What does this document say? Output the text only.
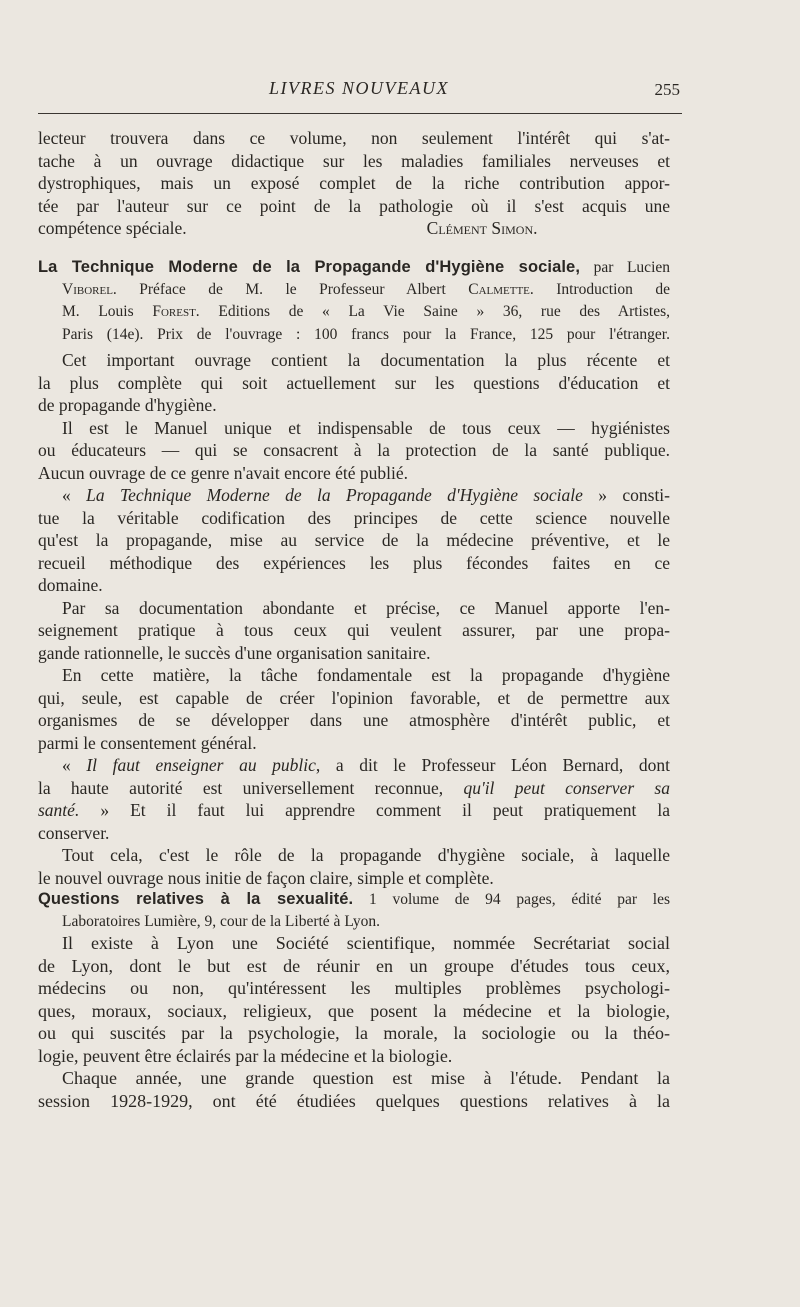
LIVRES NOUVEAUX	255
lecteur trouvera dans ce volume, non seulement l'intérêt qui s'at-
tache à un ouvrage didactique sur les maladies familiales nerveuses et
dystrophiques, mais un exposé complet de la riche contribution appor-
tée par l'auteur sur ce point de la pathologie où il s'est acquis une
compétence spéciale.	Clément Simon.
La Technique Moderne de la Propagande d'Hygiène sociale, par Lucien
Viborel. Préface de M. le Professeur Albert Calmette. Introduction de
M. Louis Forest. Editions de « La Vie Saine » 36, rue des Artistes,
Paris (14e). Prix de l'ouvrage : 100 francs pour la France, 125 pour l'étranger.
Cet important ouvrage contient la documentation la plus récente et
la plus complète qui soit actuellement sur les questions d'éducation et
de propagande d'hygiène.
Il est le Manuel unique et indispensable de tous ceux — hygiénistes
ou éducateurs — qui se consacrent à la protection de la santé publique.
Aucun ouvrage de ce genre n'avait encore été publié.
« La Technique Moderne de la Propagande d'Hygiène sociale » consti-
tue la véritable codification des principes de cette science nouvelle
qu'est la propagande, mise au service de la médecine préventive, et le
recueil méthodique des expériences les plus fécondes faites en ce
domaine.
Par sa documentation abondante et précise, ce Manuel apporte l'en-
seignement pratique à tous ceux qui veulent assurer, par une propa-
gande rationnelle, le succès d'une organisation sanitaire.
En cette matière, la tâche fondamentale est la propagande d'hygiène
qui, seule, est capable de créer l'opinion favorable, et de permettre aux
organismes de se développer dans une atmosphère d'intérêt public, et
parmi le consentement général.
« Il faut enseigner au public, a dit le Professeur Léon Bernard, dont
la haute autorité est universellement reconnue, qu'il peut conserver sa
santé. » Et il faut lui apprendre comment il peut pratiquement la
conserver.
Tout cela, c'est le rôle de la propagande d'hygiène sociale, à laquelle
le nouvel ouvrage nous initie de façon claire, simple et complète.
Questions relatives à la sexualité. 1 volume de 94 pages, édité par les
Laboratoires Lumière, 9, cour de la Liberté à Lyon.
Il existe à Lyon une Société scientifique, nommée Secrétariat social
de Lyon, dont le but est de réunir en un groupe d'études tous ceux,
médecins ou non, qu'intéressent les multiples problèmes psychologi-
ques, moraux, sociaux, religieux, que posent la médecine et la biologie,
ou qui suscités par la psychologie, la morale, la sociologie ou la théo-
logie, peuvent être éclairés par la médecine et la biologie.
Chaque année, une grande question est mise à l'étude. Pendant la
session 1928-1929, ont été étudiées quelques questions relatives à la
